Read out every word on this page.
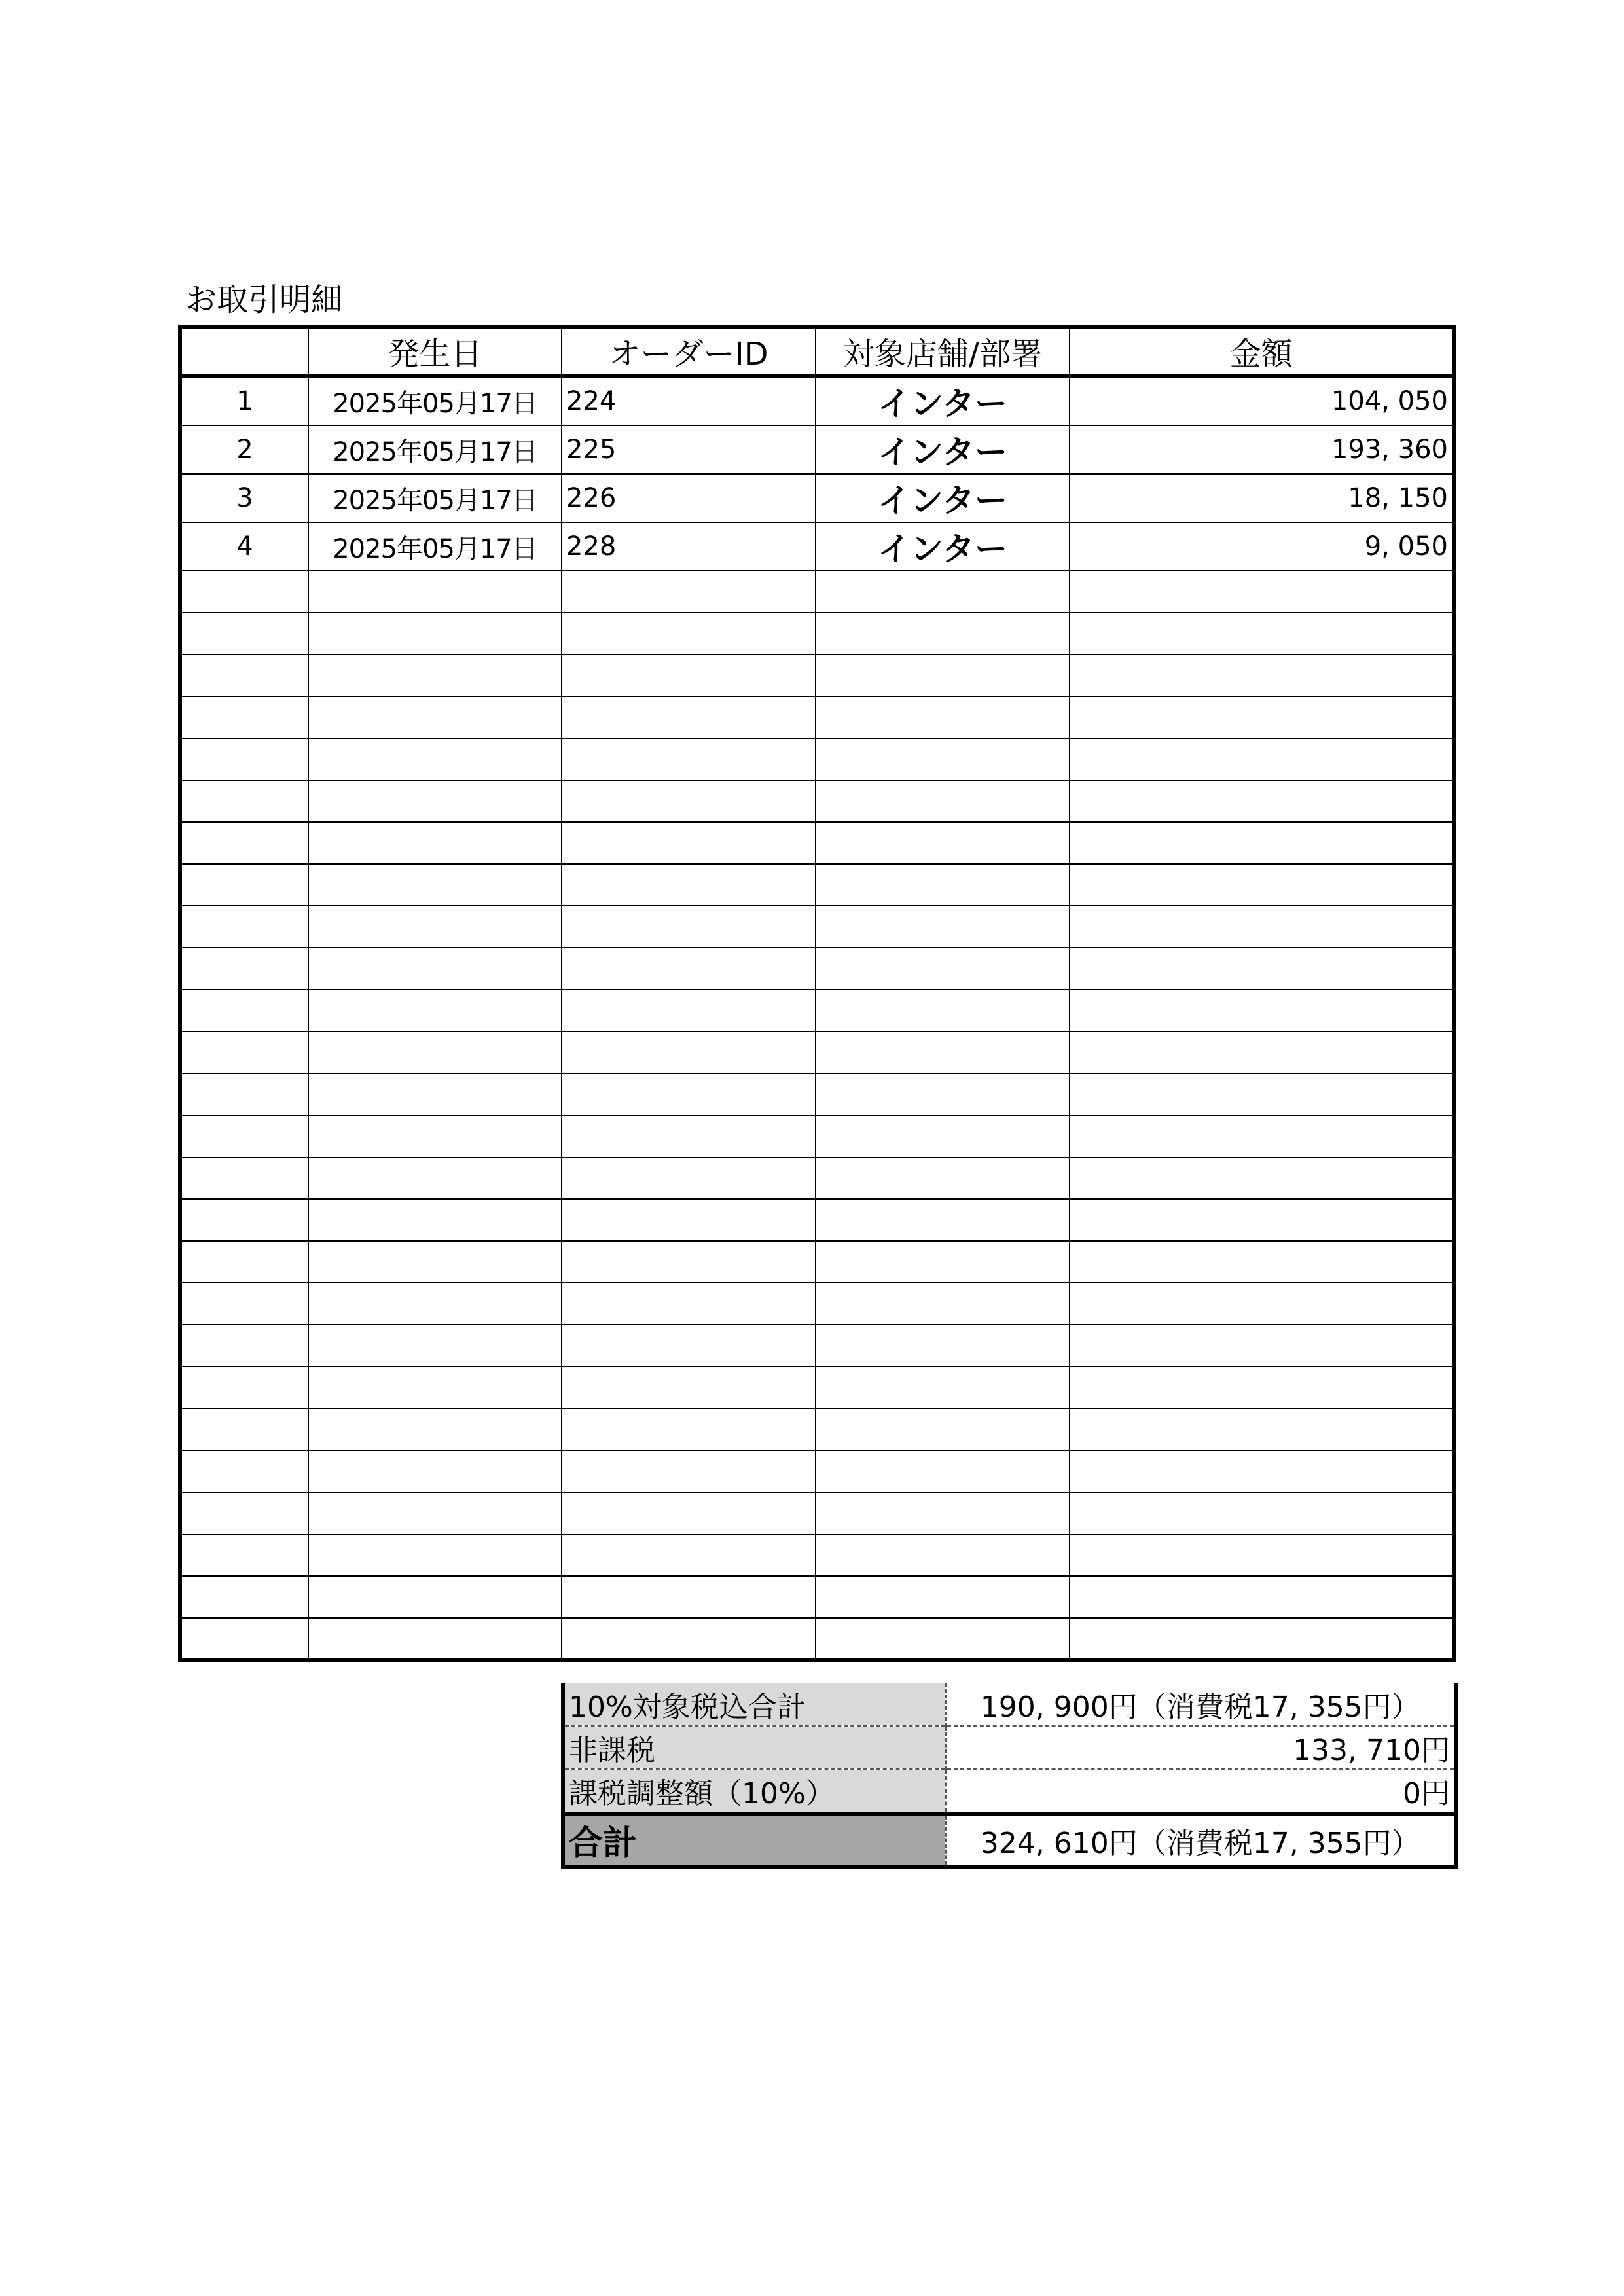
お取引明細
	発生日	オーダーID	対象店舗/部署	金額
1	2025年05月17日	224	インター	104, 050
2	2025年05月17日	225	インター	193, 360
3	2025年05月17日	226	インター	18, 150
4	2025年05月17日	228	インター	9, 050

10%対象税込合計	190, 900円（消費税17, 355円）
非課税	133, 710円
課税調整額（10%）	0円
合計	324, 610円（消費税17, 355円）
